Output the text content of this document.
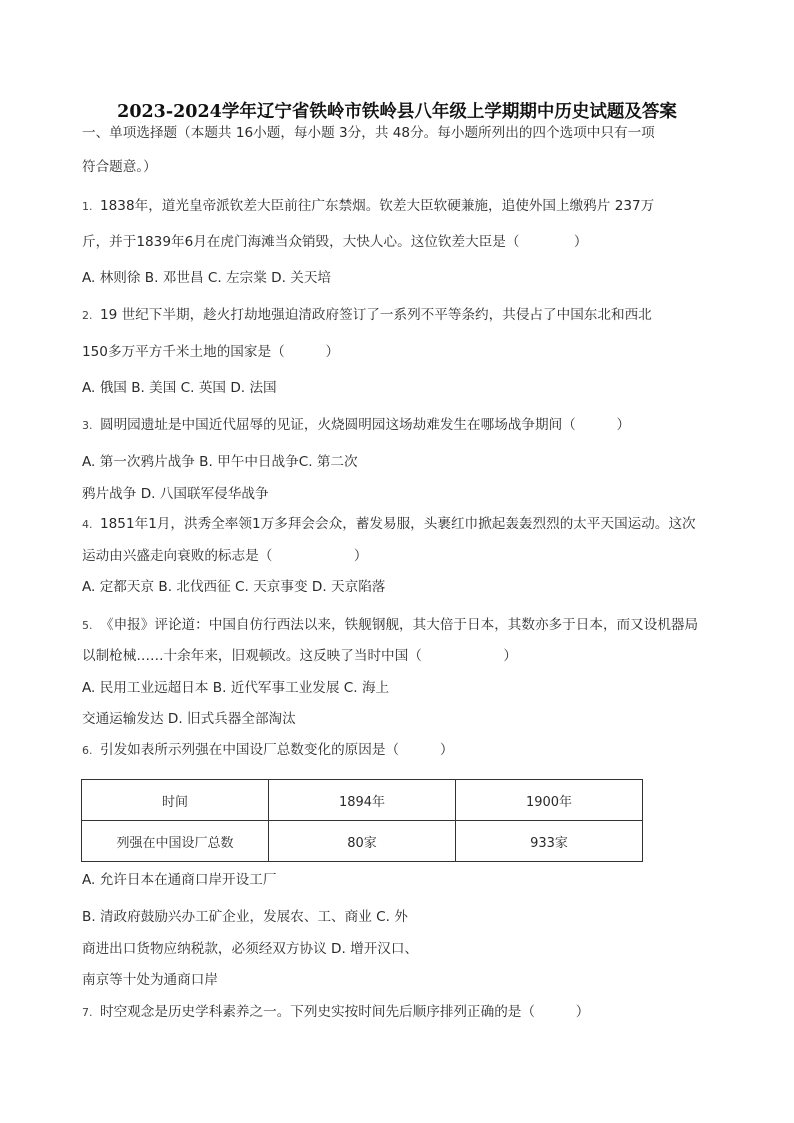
2023-2024学年辽宁省铁岭市铁岭县八年级上学期期中历史试题及答案
一、单项选择题（本题共 16小题，每小题 3分，共 48分。每小题所列出的四个选项中只有一项
符合题意。）
1. 1838年，道光皇帝派钦差大臣前往广东禁烟。钦差大臣软硬兼施，追使外国上缴鸦片 237万
斤，并于1839年6月在虎门海滩当众销毁，大快人心。这位钦差大臣是（　　　　）
A. 林则徐 B. 邓世昌 C. 左宗棠 D. 关天培
2. 19 世纪下半期，趁火打劫地强迫清政府签订了一系列不平等条约，共侵占了中国东北和西北
150多万平方千米土地的国家是（　　　）
A. 俄国 B. 美国 C. 英国 D. 法国
3. 圆明园遗址是中国近代屈辱的见证，火烧圆明园这场劫难发生在哪场战争期间（　　　）
A. 第一次鸦片战争 B. 甲午中日战争C. 第二次
鸦片战争 D. 八国联军侵华战争
4. 1851年1月，洪秀全率领1万多拜会会众，蓄发易服，头裹红巾掀起轰轰烈烈的太平天国运动。这次
运动由兴盛走向衰败的标志是（　　　　　　）
A. 定都天京 B. 北伐西征 C. 天京事变 D. 天京陷落
5. 《申报》评论道：中国自仿行西法以来，铁舰钢舰，其大倍于日本，其数亦多于日本，而又设机器局
以制枪械……十余年来，旧观顿改。这反映了当时中国（　　　　　　）
A. 民用工业远超日本 B. 近代军事工业发展 C. 海上
交通运输发达 D. 旧式兵器全部淘汰
6. 引发如表所示列强在中国设厂总数变化的原因是（　　　）
时间	1894年	1900年
列强在中国设厂总数	80家	933家
A. 允许日本在通商口岸开设工厂
B. 清政府鼓励兴办工矿企业，发展农、工、商业 C. 外
商进出口货物应纳税款，必须经双方协议 D. 增开汉口、
南京等十处为通商口岸
7. 时空观念是历史学科素养之一。下列史实按时间先后顺序排列正确的是（　　　）
